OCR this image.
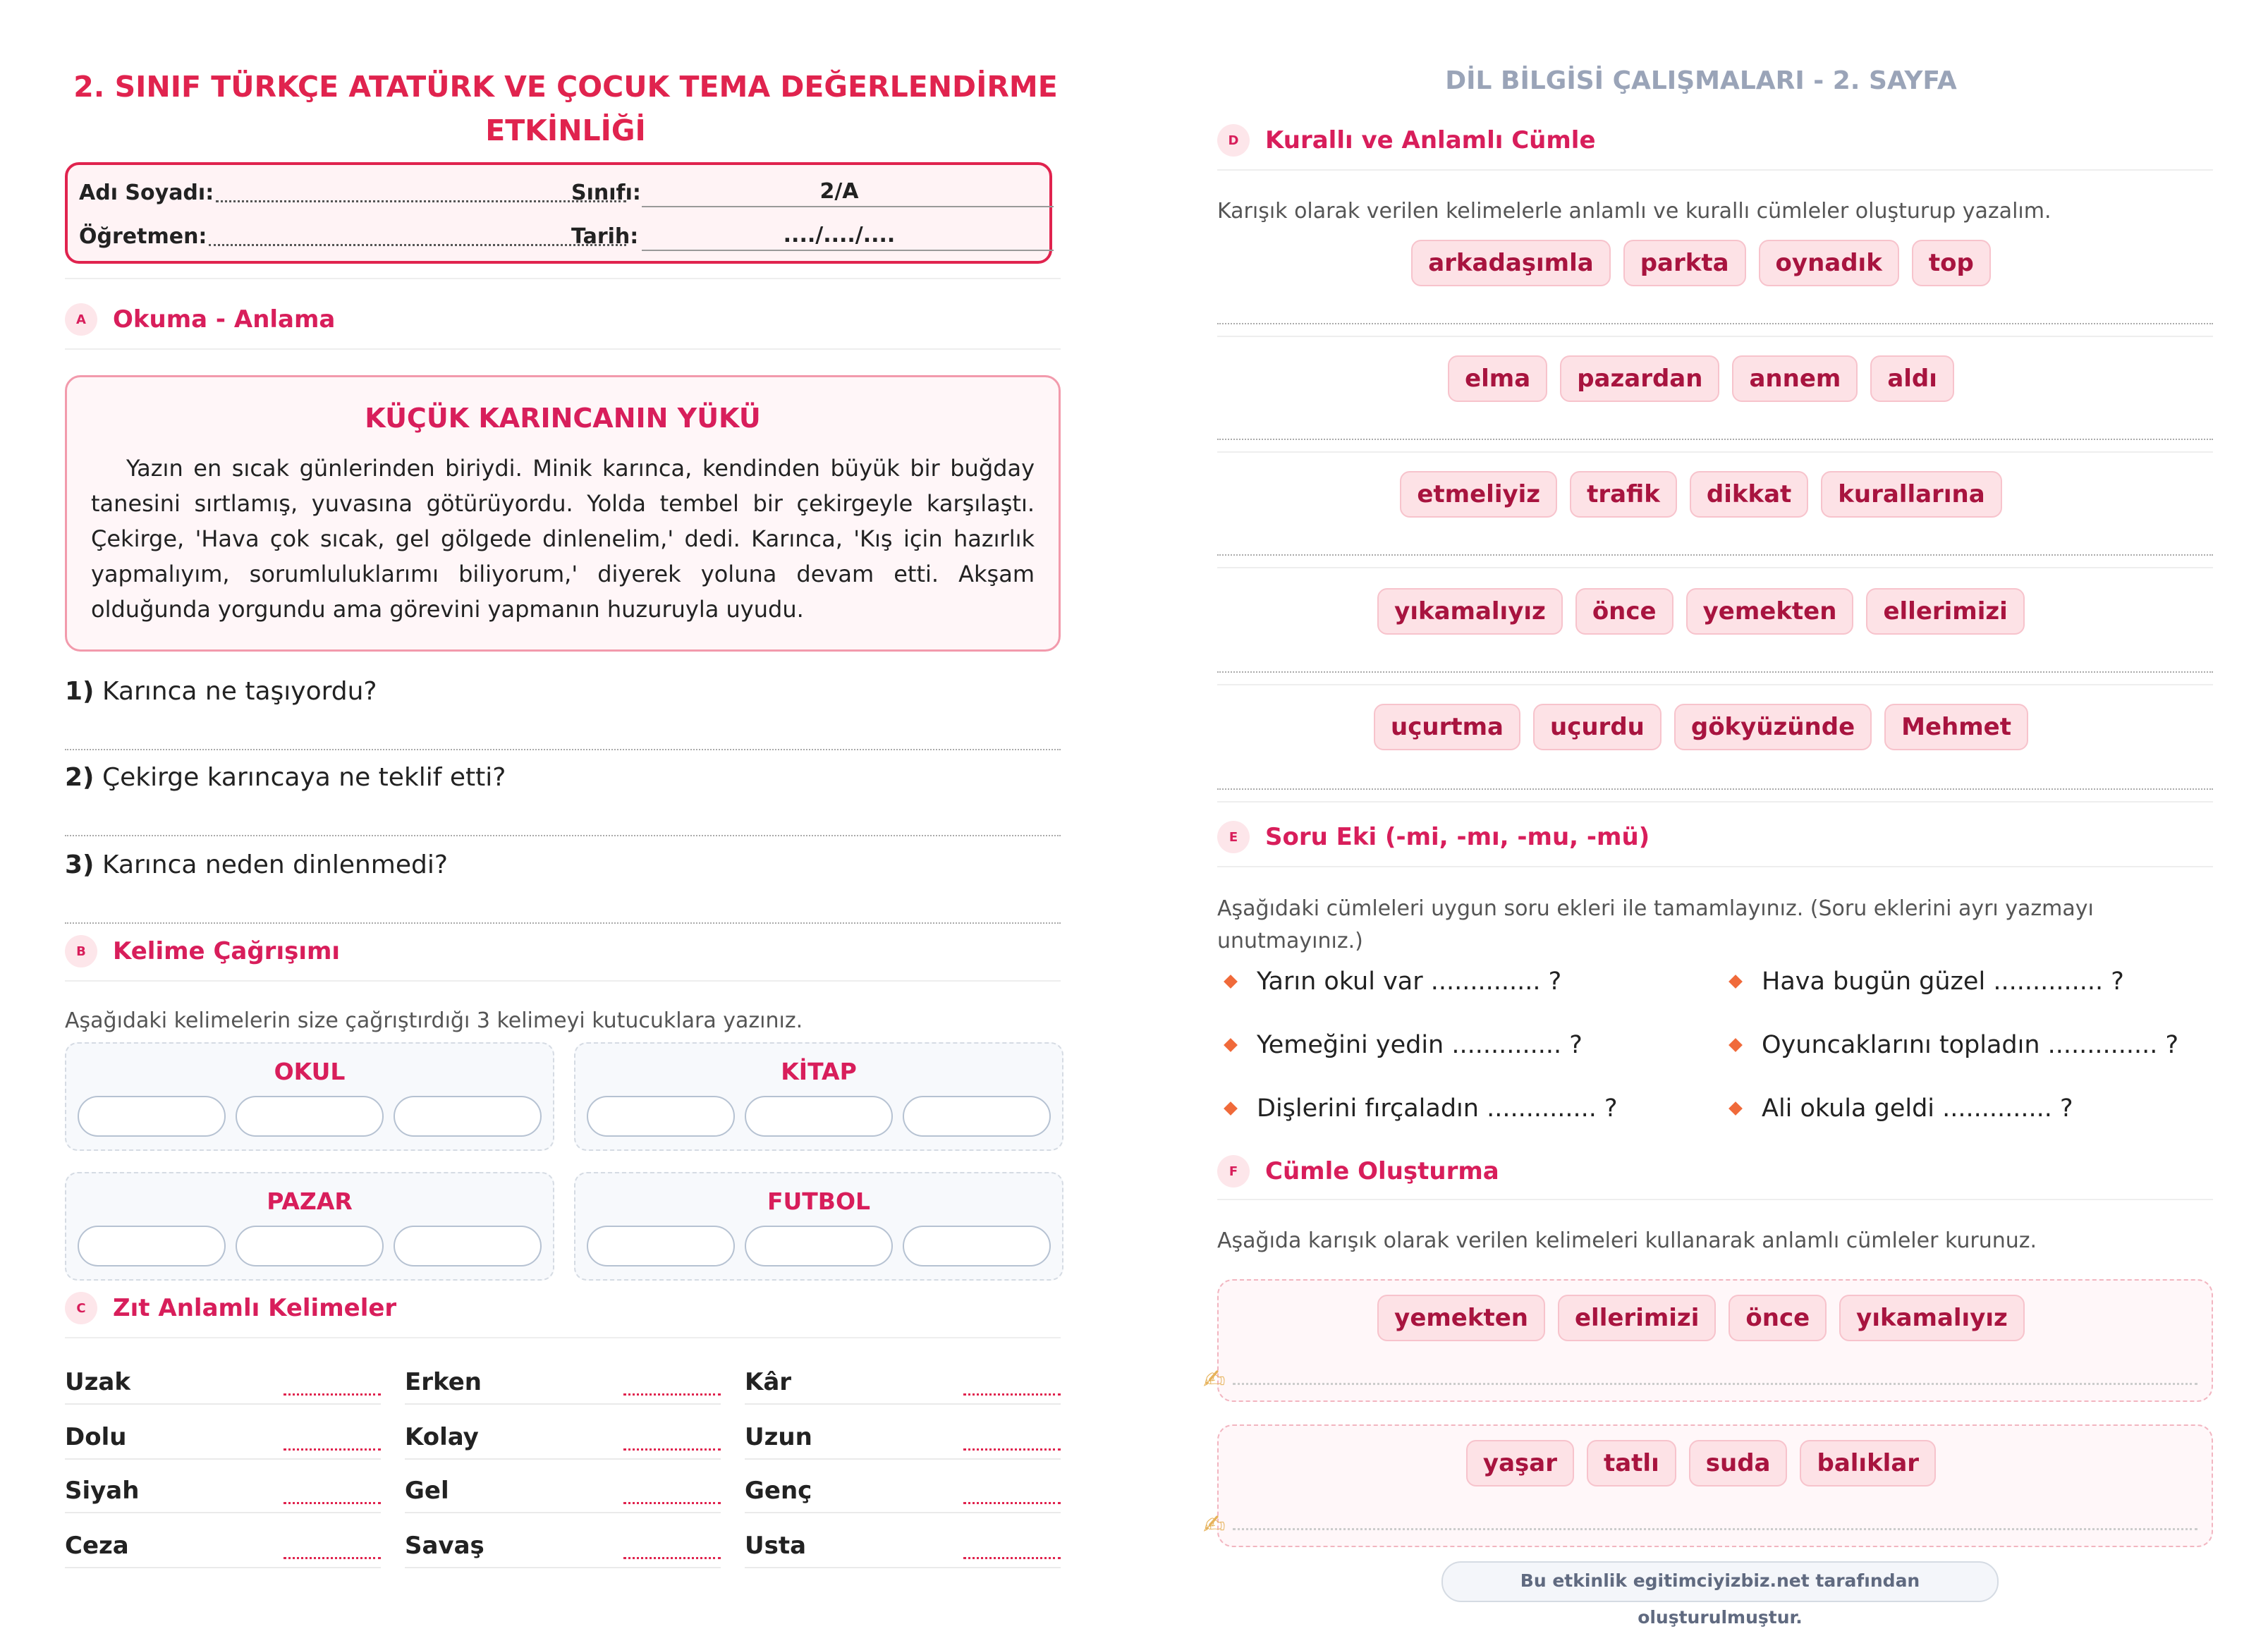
2. SINIF TÜRKÇE ATATÜRK VE ÇOCUK TEMA DEĞERLENDİRME ETKİNLİĞİ
Adı Soyadı:	Sınıfı:	2/A
Öğretmen:	Tarih:	..../..../....
A	Okuma - Anlama
KÜÇÜK KARINCANIN YÜKÜ

Yazın en sıcak günlerinden biriydi. Minik karınca, kendinden büyük bir buğday tanesini sırtlamış, yuvasına götürüyordu. Yolda tembel bir çekirgeyle karşılaştı. Çekirge, 'Hava çok sıcak, gel gölgede dinlenelim,' dedi. Karınca, 'Kış için hazırlık yapmalıyım, sorumluluklarımı biliyorum,' diyerek yoluna devam etti. Akşam olduğunda yorgundu ama görevini yapmanın huzuruyla uyudu.

1) Karınca ne taşıyordu?
2) Çekirge karıncaya ne teklif etti?
3) Karınca neden dinlenmedi?
B	Kelime Çağrışımı
Aşağıdaki kelimelerin size çağrıştırdığı 3 kelimeyi kutucuklara yazınız.
OKUL	KİTAP
PAZAR	FUTBOL
C	Zıt Anlamlı Kelimeler
Uzak	Erken	Kâr
Dolu	Kolay	Uzun
Siyah	Gel	Genç
Ceza	Savaş	Usta
DİL BİLGİSİ ÇALIŞMALARI - 2. SAYFA
D	Kurallı ve Anlamlı Cümle
Karışık olarak verilen kelimelerle anlamlı ve kurallı cümleler oluşturup yazalım.
arkadaşımla	parkta	oynadık	top
elma	pazardan	annem	aldı
etmeliyiz	trafik	dikkat	kurallarına
yıkamalıyız	önce	yemekten	ellerimizi
uçurtma	uçurdu	gökyüzünde	Mehmet
E	Soru Eki (-mi, -mı, -mu, -mü)
Aşağıdaki cümleleri uygun soru ekleri ile tamamlayınız. (Soru eklerini ayrı yazmayı unutmayınız.)
Yarın okul var .............. ?	Hava bugün güzel .............. ?
Yemeğini yedin .............. ?	Oyuncaklarını topladın .............. ?
Dişlerini fırçaladın .............. ?	Ali okula geldi .............. ?
F	Cümle Oluşturma
Aşağıda karışık olarak verilen kelimeleri kullanarak anlamlı cümleler kurunuz.
✍
yemekten	ellerimizi	önce	yıkamalıyız
✍
yaşar	tatlı	suda	balıklar
Bu etkinlik egitimciyizbiz.net tarafından oluşturulmuştur.
